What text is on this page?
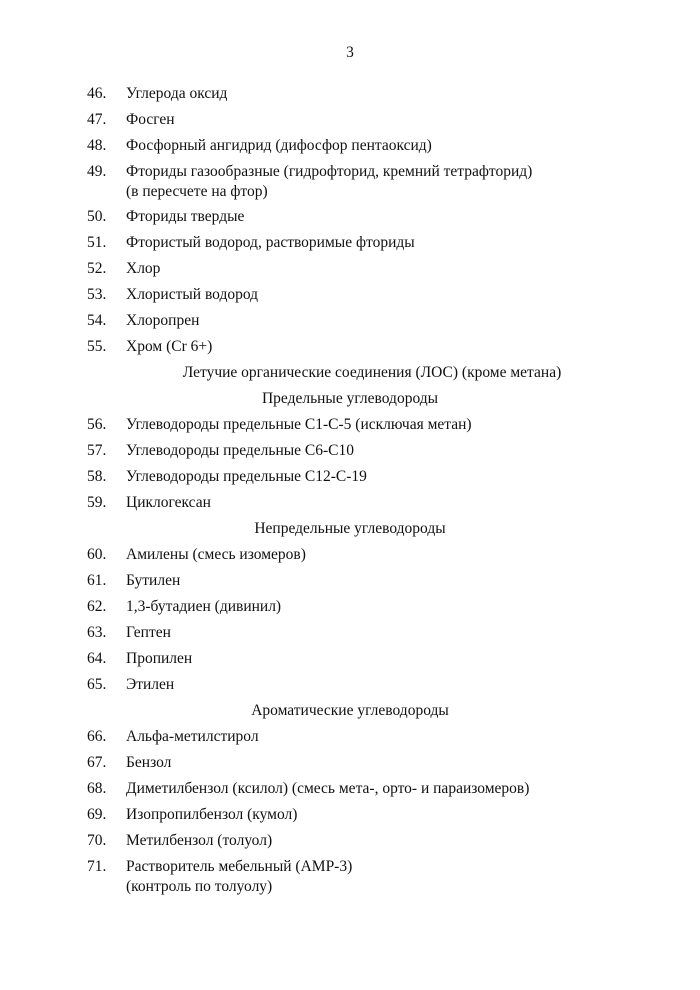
3
46.	Углерода оксид
47.	Фосген
48.	Фосфорный ангидрид (дифосфор пентаоксид)
49.	Фториды газообразные (гидрофторид, кремний тетрафторид)
(в пересчете на фтор)
50.	Фториды твердые
51.	Фтористый водород, растворимые фториды
52.	Хлор
53.	Хлористый водород
54.	Хлоропрен
55.	Хром (Cr 6+)
Летучие органические соединения (ЛОС) (кроме метана)
Предельные углеводороды
56.	Углеводороды предельные С1-С-5 (исключая метан)
57.	Углеводороды предельные С6-С10
58.	Углеводороды предельные С12-С-19
59.	Циклогексан
Непредельные углеводороды
60.	Амилены (смесь изомеров)
61.	Бутилен
62.	1,3-бутадиен (дивинил)
63.	Гептен
64.	Пропилен
65.	Этилен
Ароматические углеводороды
66.	Альфа-метилстирол
67.	Бензол
68.	Диметилбензол (ксилол) (смесь мета-, орто- и параизомеров)
69.	Изопропилбензол (кумол)
70.	Метилбензол (толуол)
71.	Растворитель мебельный (АМР-3)
(контроль по толуолу)
